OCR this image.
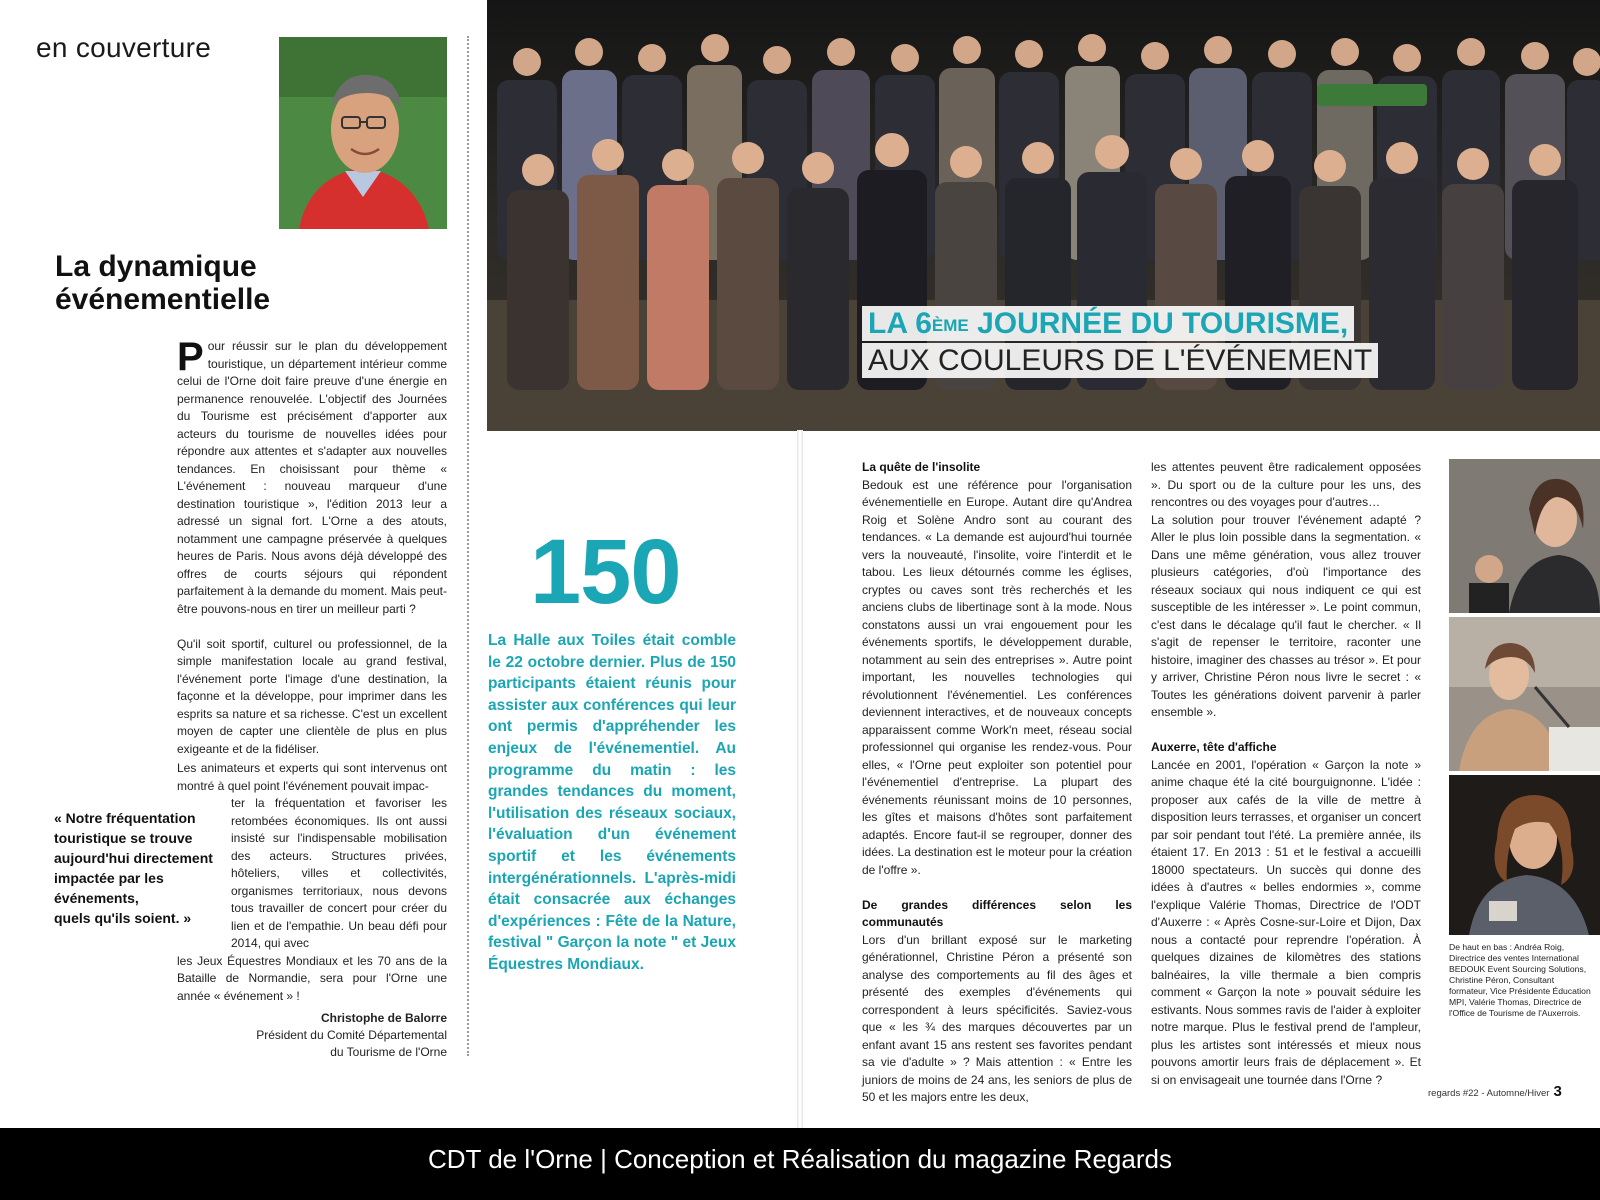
en couverture
La dynamique
événementielle

Pour réussir sur le plan du développement touristique, un département intérieur comme celui de l'Orne doit faire preuve d'une énergie en permanence renouvelée. L'objectif des Journées du Tourisme est précisément d'apporter aux acteurs du tourisme de nouvelles idées pour répondre aux attentes et s'adapter aux nouvelles tendances. En choisissant pour thème « L'événement : nouveau marqueur d'une destination touristique », l'édition 2013 leur a adressé un signal fort. L'Orne a des atouts, notamment une campagne préservée à quelques heures de Paris. Nous avons déjà développé des offres de courts séjours qui répondent parfaitement à la demande du moment. Mais peut-être pouvons-nous en tirer un meilleur parti ?

Qu'il soit sportif, culturel ou professionnel, de la simple manifestation locale au grand festival, l'événement porte l'image d'une destination, la façonne et la développe, pour imprimer dans les esprits sa nature et sa richesse. C'est un excellent moyen de capter une clientèle de plus en plus exigeante et de la fidéliser.

Les animateurs et experts qui sont intervenus ont montré à quel point l'événement pouvait impac-
ter la fréquentation et favoriser les retombées économiques. Ils ont aussi insisté sur l'indispensable mobilisation des acteurs. Structures privées, hôteliers, villes et collectivités, organismes territoriaux, nous devons tous travailler de concert pour créer du lien et de l'empathie. Un beau défi pour 2014, qui avec
les Jeux Équestres Mondiaux et les 70 ans de la Bataille de Normandie, sera pour l'Orne une année « événement » !
« Notre fréquentation
touristique se trouve
aujourd'hui directement
impactée par les
événements,
quels qu'ils soient. »
Christophe de Balorre
Président du Comité Départemental
du Tourisme de l'Orne
LA 6ÈME JOURNÉE DU TOURISME,
AUX COULEURS DE L'ÉVÉNEMENT
150
La Halle aux Toiles était comble le 22 octobre dernier. Plus de 150 participants étaient réunis pour assister aux conférences qui leur ont permis d'appréhender les enjeux de l'événementiel. Au programme du matin : les grandes tendances du moment, l'utilisation des réseaux sociaux, l'évaluation d'un événement sportif et les événements intergénérationnels. L'après-midi était consacrée aux échanges d'expériences : Fête de la Nature, festival " Garçon la note " et Jeux Équestres Mondiaux.

La quête de l'insolite

Bedouk est une référence pour l'organisation événementielle en Europe. Autant dire qu'Andrea Roig et Solène Andro sont au courant des tendances. « La demande est aujourd'hui tournée vers la nouveauté, l'insolite, voire l'interdit et le tabou. Les lieux détournés comme les églises, cryptes ou caves sont très recherchés et les anciens clubs de libertinage sont à la mode. Nous constatons aussi un vrai engouement pour les événements sportifs, le développement durable, notamment au sein des entreprises ». Autre point important, les nouvelles technologies qui révolutionnent l'événementiel. Les conférences deviennent interactives, et de nouveaux concepts apparaissent comme Work'n meet, réseau social professionnel qui organise les rendez-vous. Pour elles, « l'Orne peut exploiter son potentiel pour l'événementiel d'entreprise. La plupart des événements réunissant moins de 10 personnes, les gîtes et maisons d'hôtes sont parfaitement adaptés. Encore faut-il se regrouper, donner des idées. La destination est le moteur pour la création de l'offre ».

De grandes différences selon les communautés

Lors d'un brillant exposé sur le marketing générationnel, Christine Péron a présenté son analyse des comportements au fil des âges et présenté des exemples d'événements qui correspondent à leurs spécificités. Saviez-vous que « les ¾ des marques découvertes par un enfant avant 15 ans restent ses favorites pendant sa vie d'adulte » ? Mais attention : « Entre les juniors de moins de 24 ans, les seniors de plus de 50 et les majors entre les deux,

les attentes peuvent être radicalement opposées ». Du sport ou de la culture pour les uns, des rencontres ou des voyages pour d'autres…

La solution pour trouver l'événement adapté ? Aller le plus loin possible dans la segmentation. « Dans une même génération, vous allez trouver plusieurs catégories, d'où l'importance des réseaux sociaux qui nous indiquent ce qui est susceptible de les intéresser ». Le point commun, c'est dans le décalage qu'il faut le chercher. « Il s'agit de repenser le territoire, raconter une histoire, imaginer des chasses au trésor ». Et pour y arriver, Christine Péron nous livre le secret : « Toutes les générations doivent parvenir à parler ensemble ».

Auxerre, tête d'affiche

Lancée en 2001, l'opération « Garçon la note » anime chaque été la cité bourguignonne. L'idée : proposer aux cafés de la ville de mettre à disposition leurs terrasses, et organiser un concert par soir pendant tout l'été. La première année, ils étaient 17. En 2013 : 51 et le festival a accueilli 18000 spectateurs. Un succès qui donne des idées à d'autres « belles endormies », comme l'explique Valérie Thomas, Directrice de l'ODT d'Auxerre : « Après Cosne-sur-Loire et Dijon, Dax nous a contacté pour reprendre l'opération. À quelques dizaines de kilomètres des stations balnéaires, la ville thermale a bien compris comment « Garçon la note » pouvait séduire les estivants. Nous sommes ravis de l'aider à exploiter notre marque. Plus le festival prend de l'ampleur, plus les artistes sont intéressés et mieux nous pouvons amortir leurs frais de déplacement ». Et si on envisageait une tournée dans l'Orne ?

De haut en bas : Andréa Roig, Directrice des ventes International BEDOUK Event Sourcing Solutions, Christine Péron, Consultant formateur, Vice Présidente Éducation MPI, Valérie Thomas, Directrice de l'Office de Tourisme de l'Auxerrois.
regards #22 - Automne/Hiver 3
CDT de l'Orne | Conception et Réalisation du magazine Regards
